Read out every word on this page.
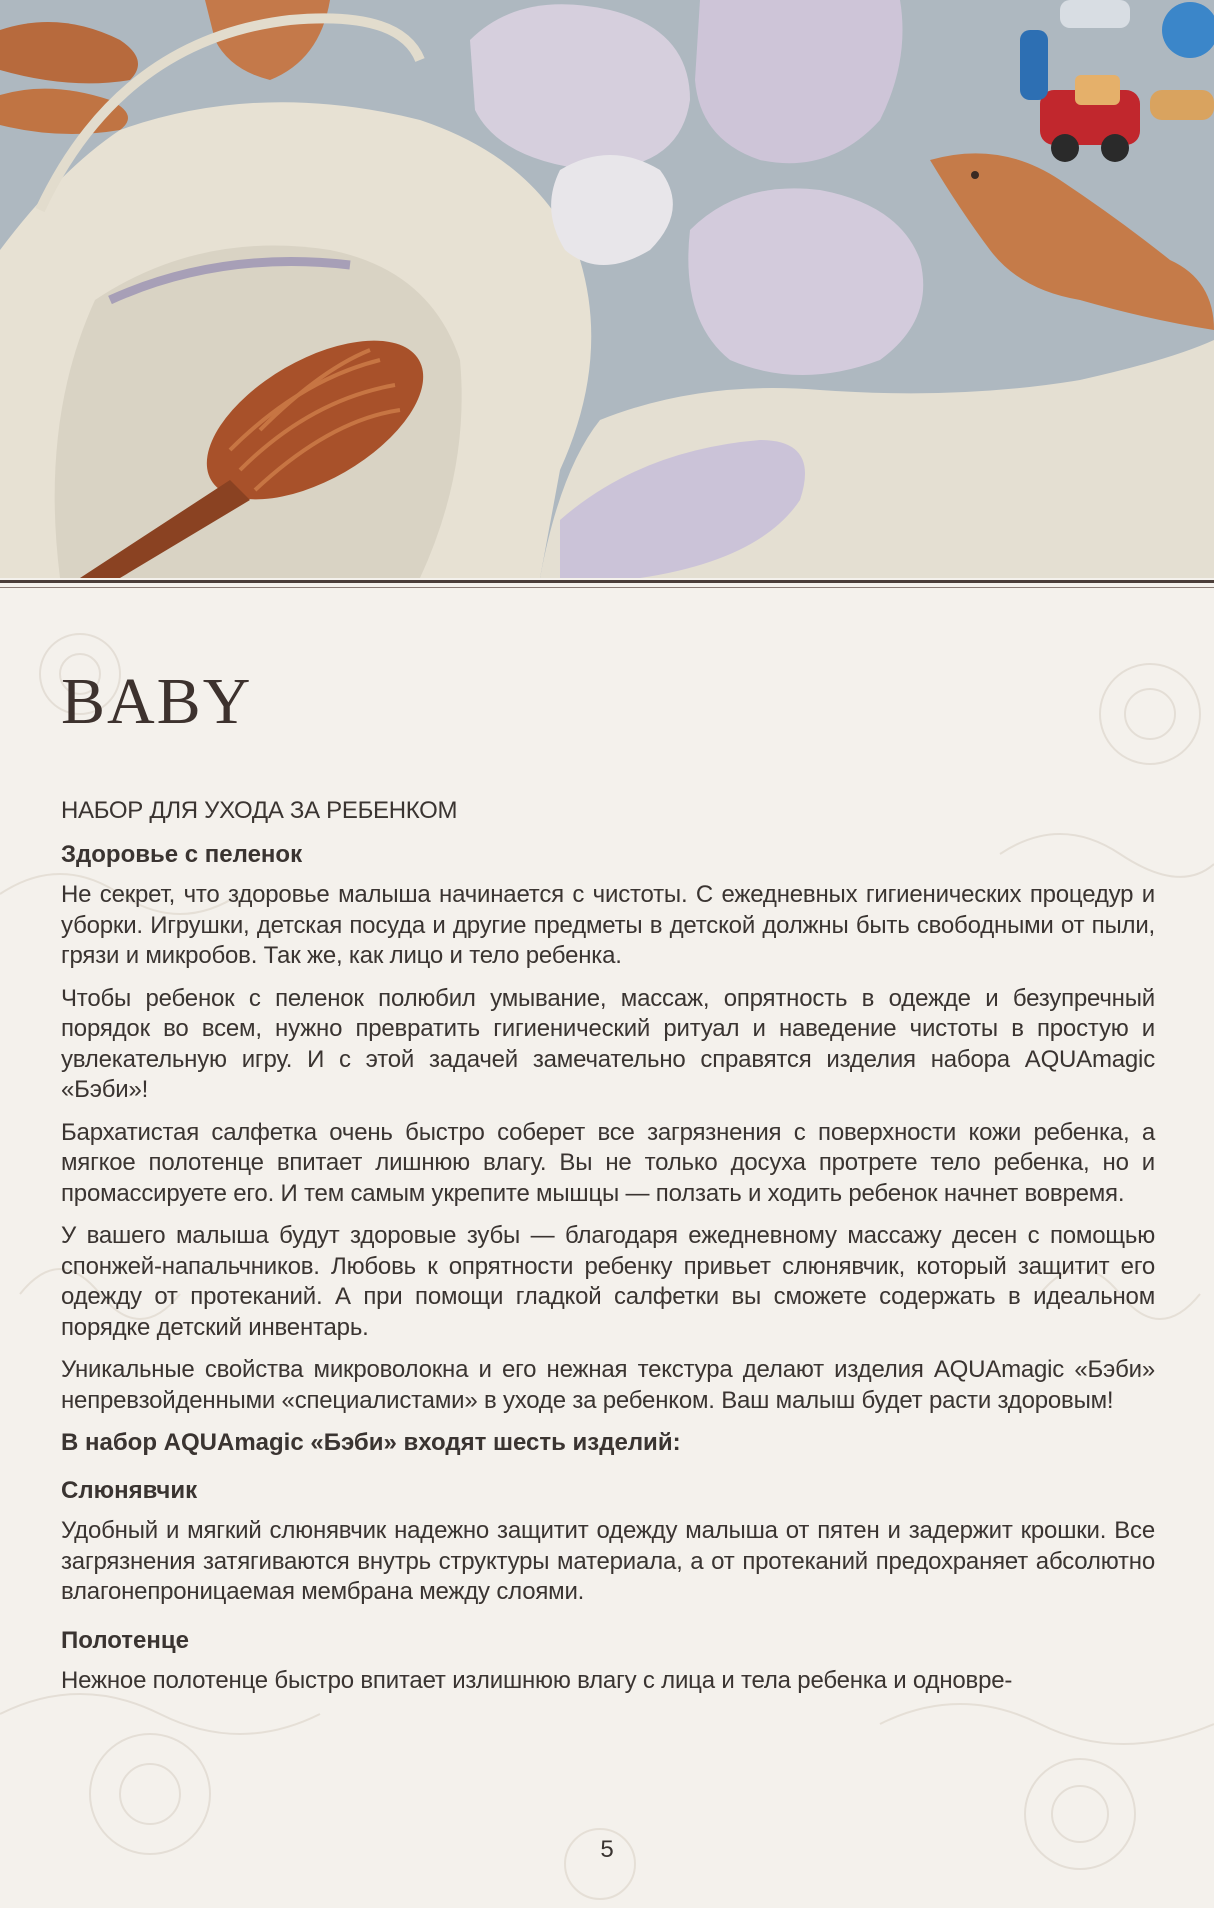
BABY
НАБОР ДЛЯ УХОДА ЗА РЕБЕНКОМ
Здоровье с пеленок

Не секрет, что здоровье малыша начинается с чистоты. С ежедневных гигиенических процедур и уборки. Игрушки, детская посуда и другие предметы в детской должны быть свободными от пыли, грязи и микробов. Так же, как лицо и тело ребенка.

Чтобы ребенок с пеленок полюбил умывание, массаж, опрятность в одежде и безупречный порядок во всем, нужно превратить гигиенический ритуал и наведение чистоты в простую и увлекательную игру. И с этой задачей замечательно справятся изделия набора AQUAmagic «Бэби»!

Бархатистая салфетка очень быстро соберет все загрязнения с поверхности кожи ребенка, а мягкое полотенце впитает лишнюю влагу. Вы не только досуха протрете тело ребенка, но и промассируете его. И тем самым укрепите мышцы — ползать и ходить ребенок начнет вовремя.

У вашего малыша будут здоровые зубы — благодаря ежедневному массажу десен с помощью спонжей-напальчников. Любовь к опрятности ребенку привьет слюнявчик, который защитит его одежду от протеканий. А при помощи гладкой салфетки вы сможете содержать в идеальном порядке детский инвентарь.

Уникальные свойства микроволокна и его нежная текстура делают изделия AQUAmagic «Бэби» непревзойденными «специалистами» в уходе за ребенком. Ваш малыш будет расти здоровым!

В набор AQUAmagic «Бэби» входят шесть изделий:
Слюнявчик

Удобный и мягкий слюнявчик надежно защитит одежду малыша от пятен и задержит крошки. Все загрязнения затягиваются внутрь структуры материала, а от протеканий предохраняет абсолютно влагонепроницаемая мембрана между слоями.

Полотенце

Нежное полотенце быстро впитает излишнюю влагу с лица и тела ребенка и одновре-

5
